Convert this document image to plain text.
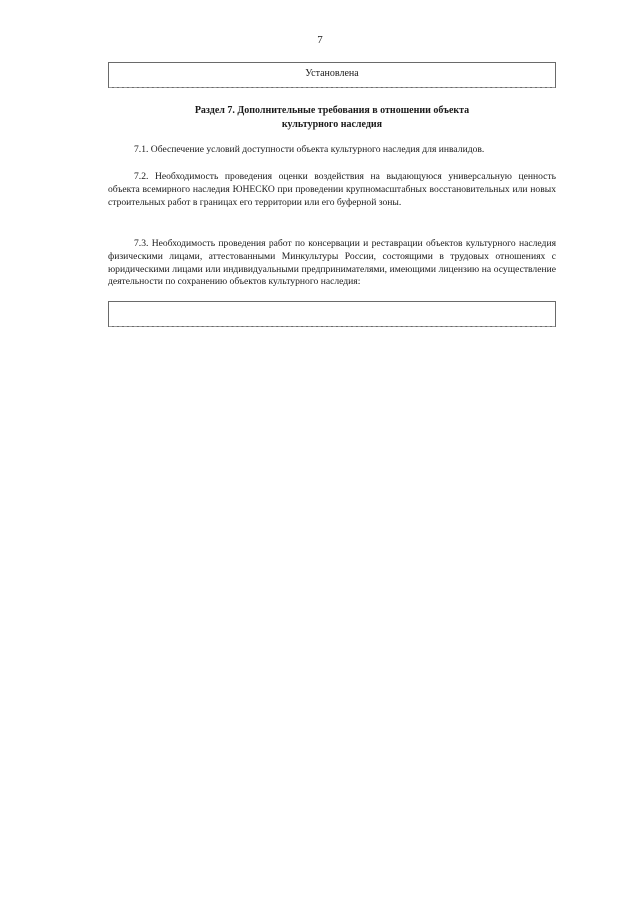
7
Установлена
Раздел 7. Дополнительные требования в отношении объекта
культурного наследия
7.1. Обеспечение условий доступности объекта культурного наследия для инвалидов.
7.2. Необходимость проведения оценки воздействия на выдающуюся универсальную ценность объекта всемирного наследия ЮНЕСКО при проведении крупномасштабных восстановительных или новых строительных работ в границах его территории или его буферной зоны.
7.3. Необходимость проведения работ по консервации и реставрации объектов культурного наследия физическими лицами, аттестованными Минкультуры России, состоящими в трудовых отношениях с юридическими лицами или индивидуальными предпринимателями, имеющими лицензию на осуществление деятельности по сохранению объектов культурного наследия:
